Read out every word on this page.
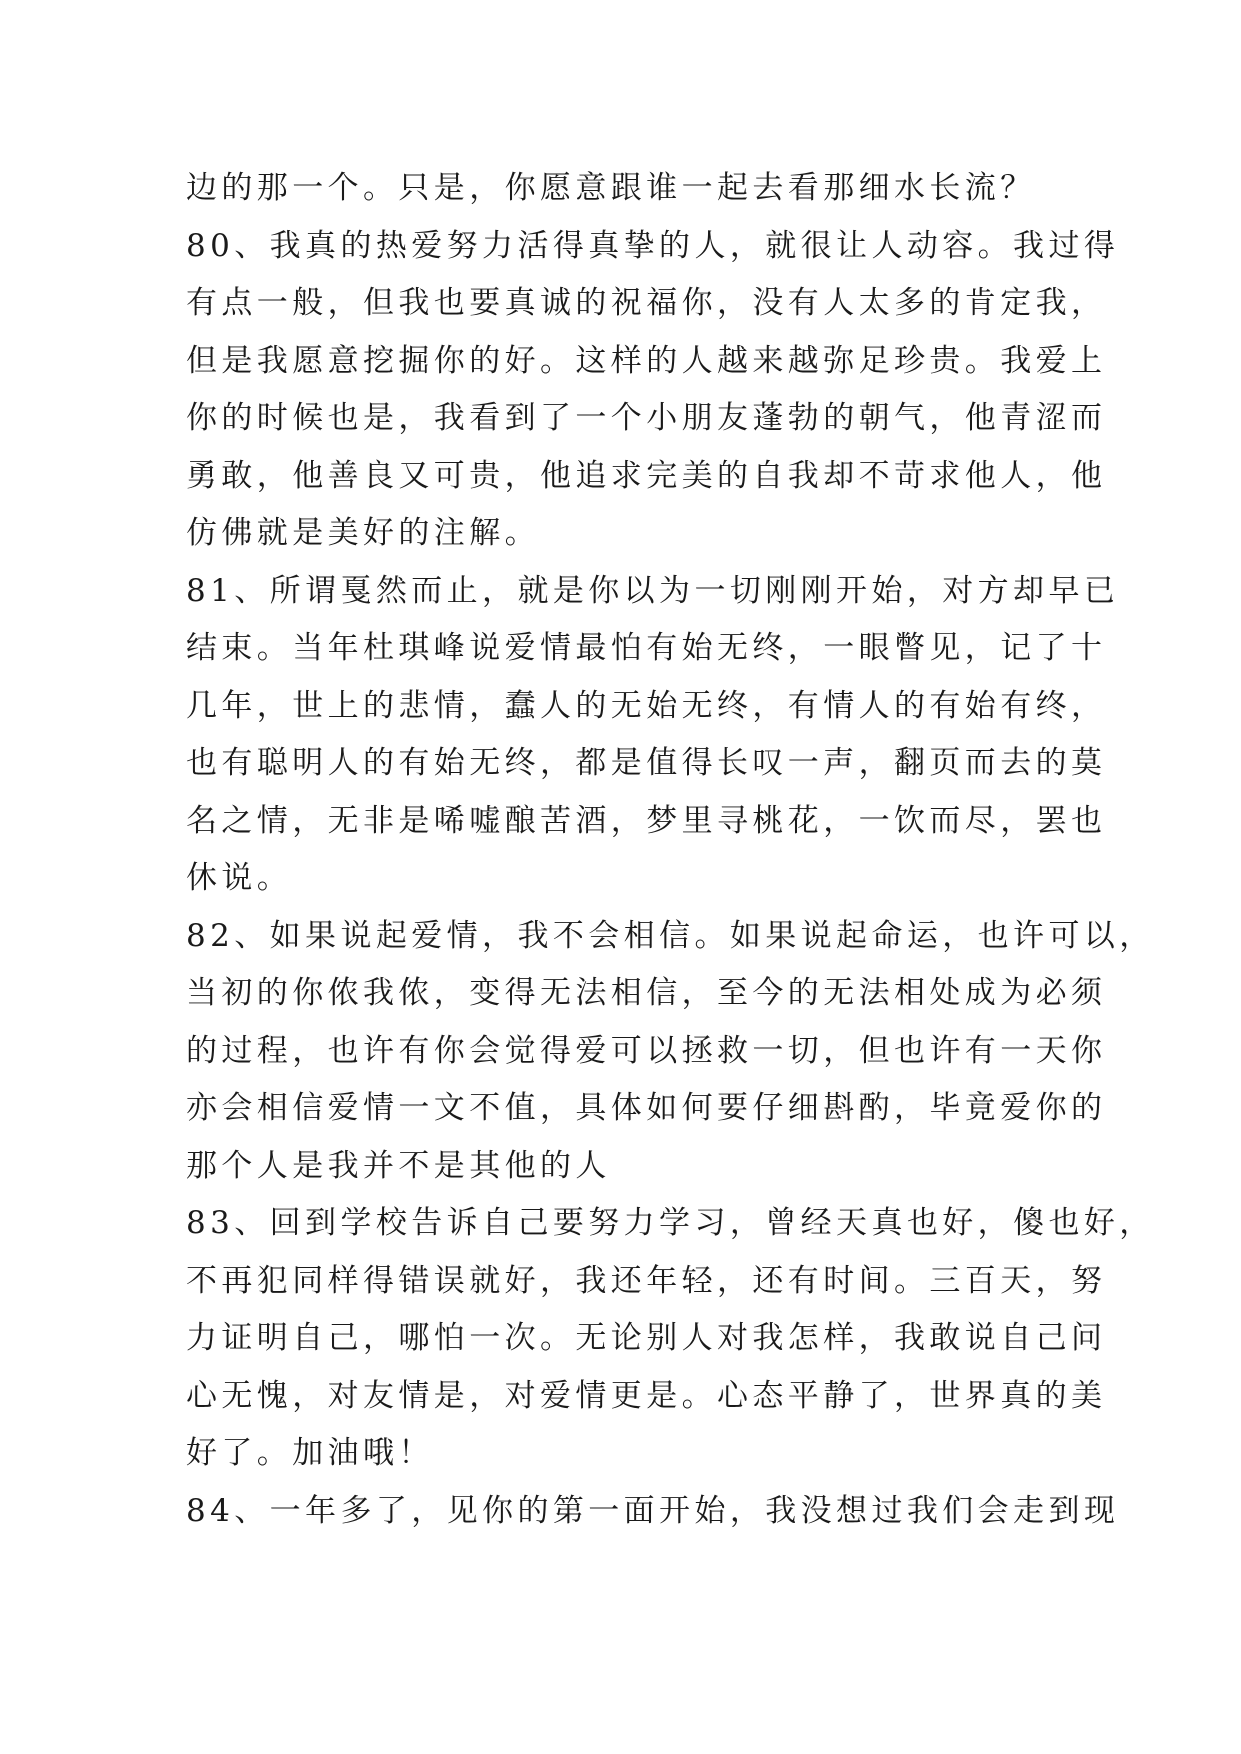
边的那一个。只是，你愿意跟谁一起去看那细水长流？
80、我真的热爱努力活得真挚的人，就很让人动容。我过得
有点一般，但我也要真诚的祝福你，没有人太多的肯定我，
但是我愿意挖掘你的好。这样的人越来越弥足珍贵。我爱上
你的时候也是，我看到了一个小朋友蓬勃的朝气，他青涩而
勇敢，他善良又可贵，他追求完美的自我却不苛求他人，他
仿佛就是美好的注解。
81、所谓戛然而止，就是你以为一切刚刚开始，对方却早已
结束。当年杜琪峰说爱情最怕有始无终，一眼瞥见，记了十
几年，世上的悲情，蠢人的无始无终，有情人的有始有终，
也有聪明人的有始无终，都是值得长叹一声，翻页而去的莫
名之情，无非是唏嘘酿苦酒，梦里寻桃花，一饮而尽，罢也
休说。
82、如果说起爱情，我不会相信。如果说起命运，也许可以，
当初的你侬我侬，变得无法相信，至今的无法相处成为必须
的过程，也许有你会觉得爱可以拯救一切，但也许有一天你
亦会相信爱情一文不值，具体如何要仔细斟酌，毕竟爱你的
那个人是我并不是其他的人
83、回到学校告诉自己要努力学习，曾经天真也好，傻也好，
不再犯同样得错误就好，我还年轻，还有时间。三百天，努
力证明自己，哪怕一次。无论别人对我怎样，我敢说自己问
心无愧，对友情是，对爱情更是。心态平静了，世界真的美
好了。加油哦！
84、一年多了，见你的第一面开始，我没想过我们会走到现
